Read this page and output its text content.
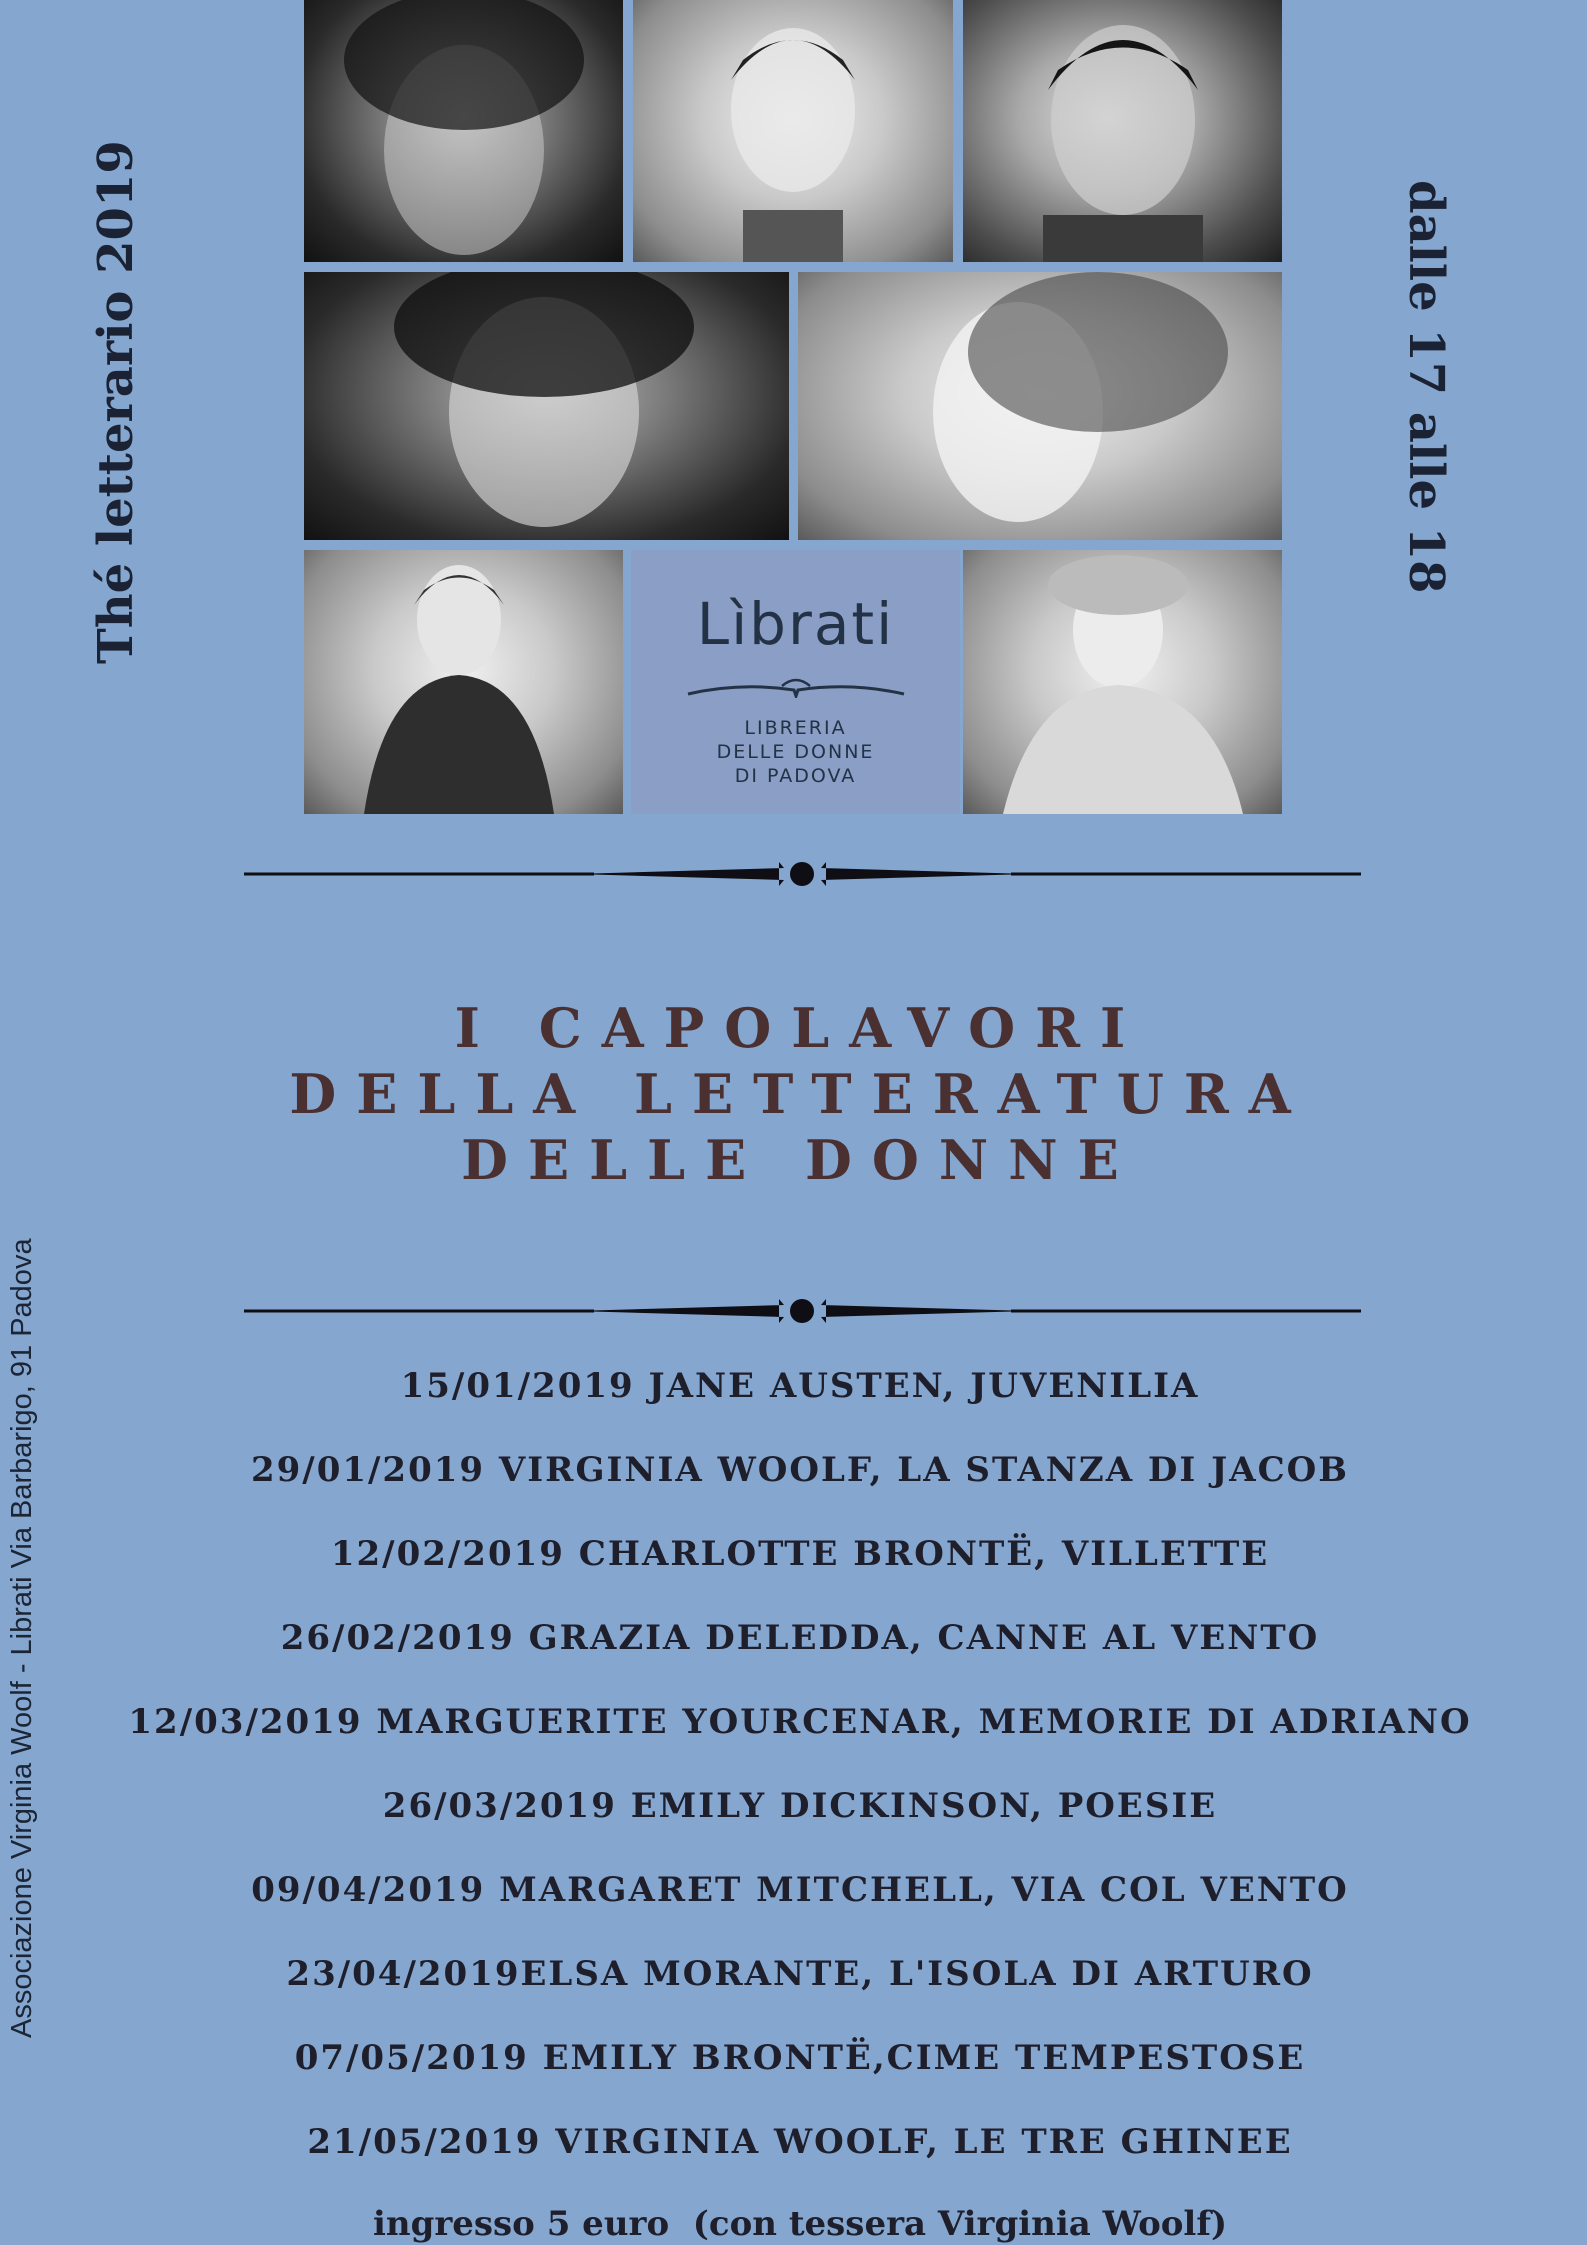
Lìbrati
LIBRERIA
DELLE DONNE
DI PADOVA
Thé letterario 2019	dalle 17 alle 18
Associazione Virginia Woolf - Librati Via Barbarigo, 91 Padova
I CAPOLAVORI
DELLA LETTERATURA
DELLE DONNE
15/01/2019 JANE AUSTEN, JUVENILIA
29/01/2019 VIRGINIA WOOLF, LA STANZA DI JACOB
12/02/2019 CHARLOTTE BRONTË, VILLETTE
26/02/2019 GRAZIA DELEDDA, CANNE AL VENTO
12/03/2019 MARGUERITE YOURCENAR, MEMORIE DI ADRIANO
26/03/2019 EMILY DICKINSON, POESIE
09/04/2019 MARGARET MITCHELL, VIA COL VENTO
23/04/2019ELSA MORANTE, L'ISOLA DI ARTURO
07/05/2019 EMILY BRONTË,CIME TEMPESTOSE
21/05/2019 VIRGINIA WOOLF, LE TRE GHINEE
ingresso 5 euro  (con tessera Virginia Woolf)
